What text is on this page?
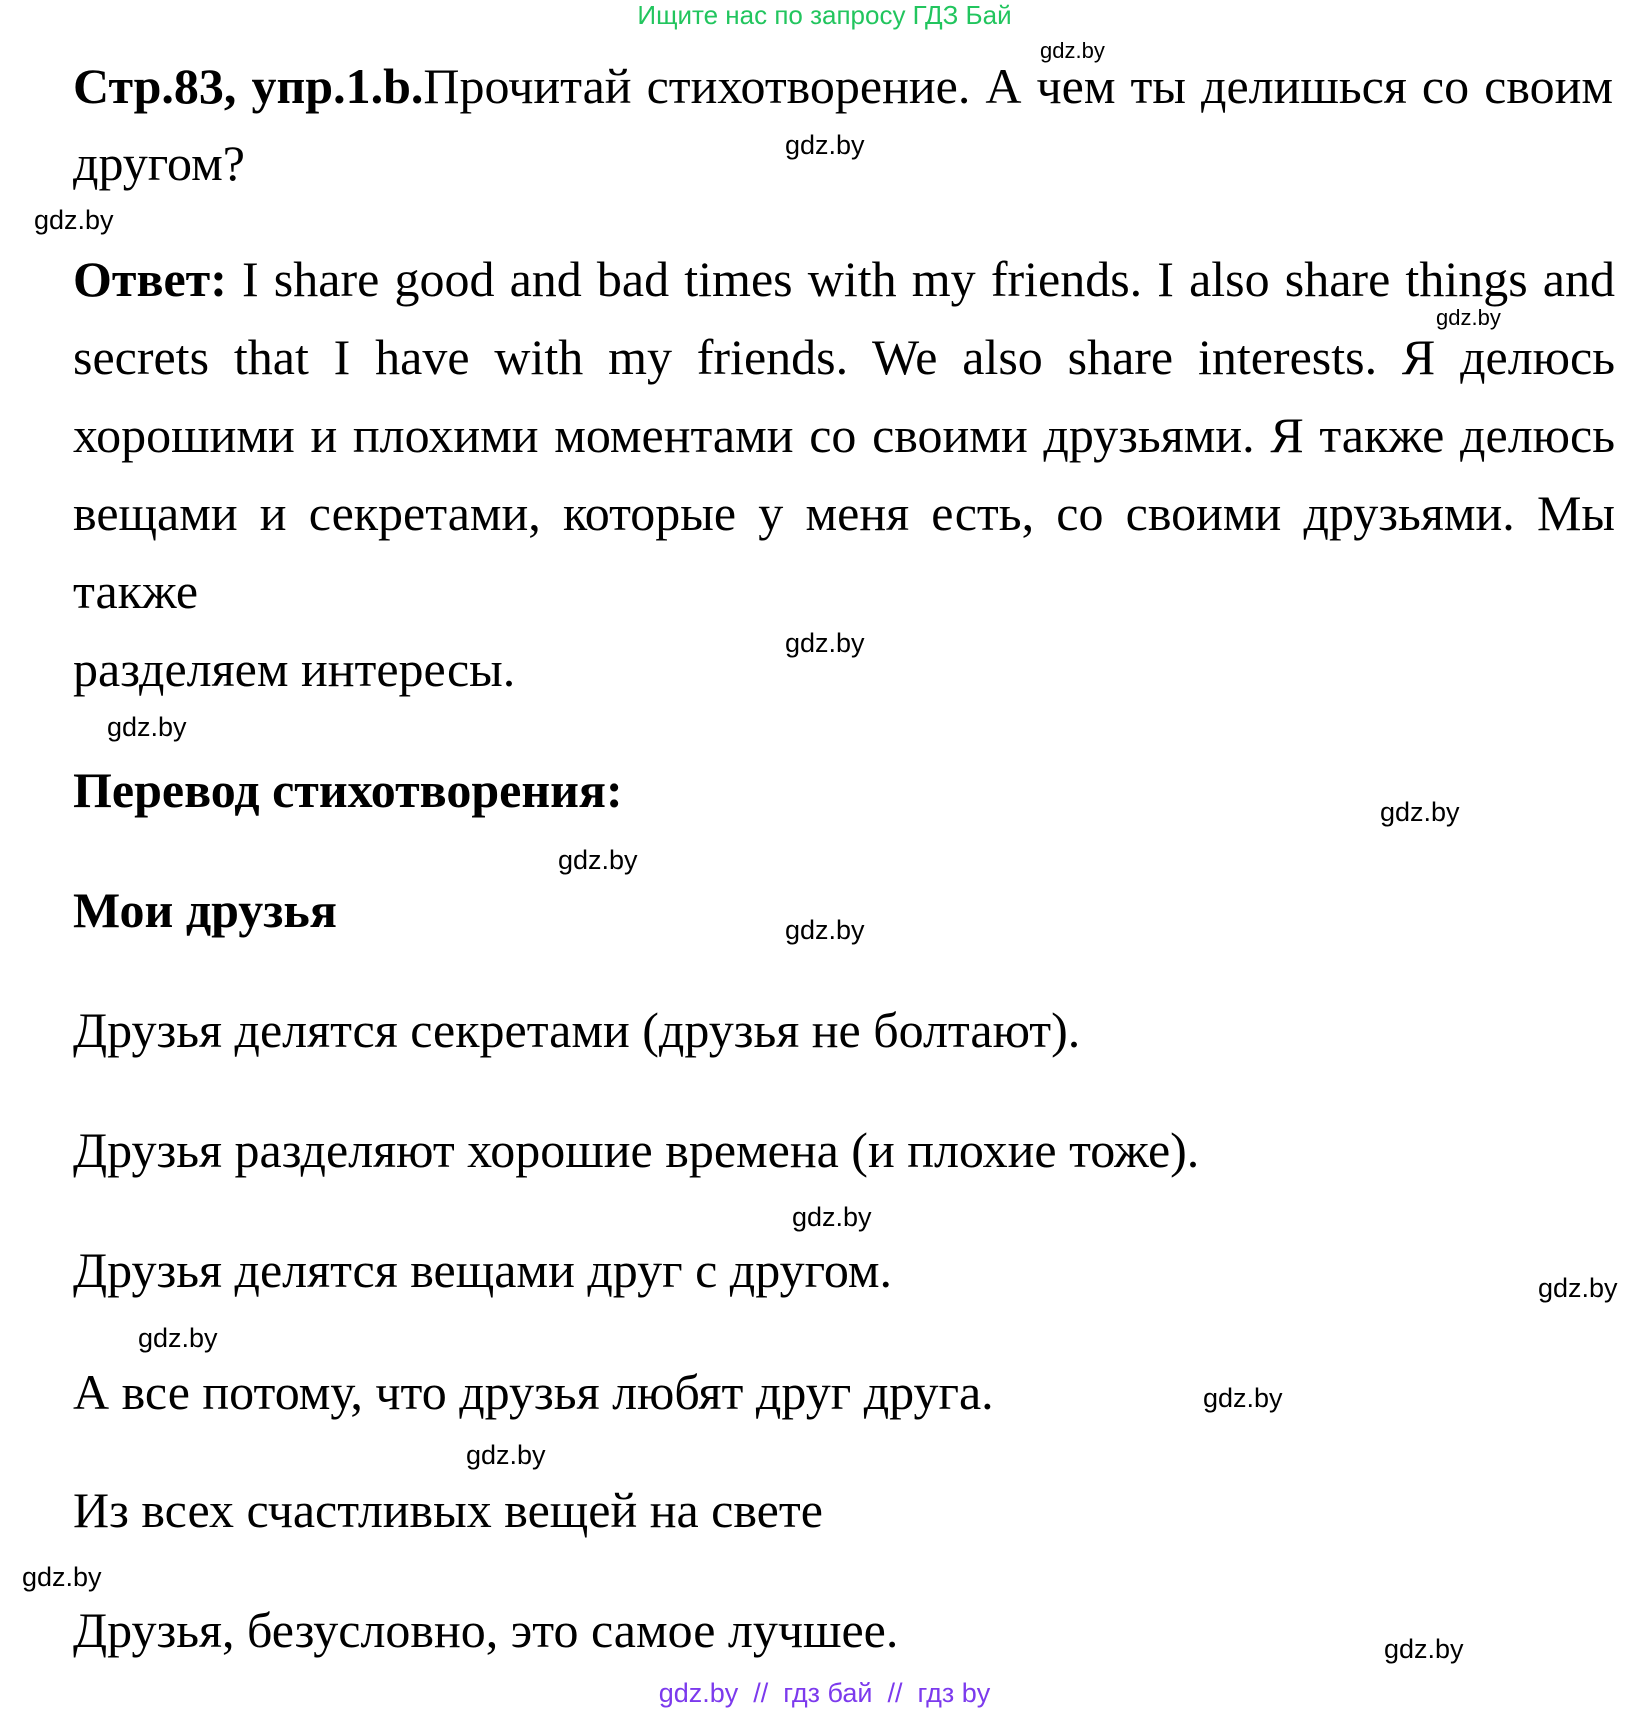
Ищите нас по запросу ГДЗ Бай
Стр.83, упр.1.b.Прочитай стихотворение. А чем ты делишься со своим другом?
Ответ: I share good and bad times with my friends. I also share things and secrets that I have with my friends. We also share interests. Я делюсь хорошими и плохими моментами со своими друзьями. Я также делюсь вещами и секретами, которые у меня есть, со своими друзьями. Мы также
разделяем интересы.
Перевод стихотворения:
Мои друзья
Друзья делятся секретами (друзья не болтают).
Друзья разделяют хорошие времена (и плохие тоже).
Друзья делятся вещами друг с другом.
А все потому, что друзья любят друг друга.
Из всех счастливых вещей на свете
Друзья, безусловно, это самое лучшее.
gdz.by
gdz.by
gdz.by
gdz.by
gdz.by
gdz.by
gdz.by
gdz.by
gdz.by
gdz.by
gdz.by
gdz.by
gdz.by
gdz.by
gdz.by
gdz.by
gdz.by  //  гдз бай  //  гдз by
